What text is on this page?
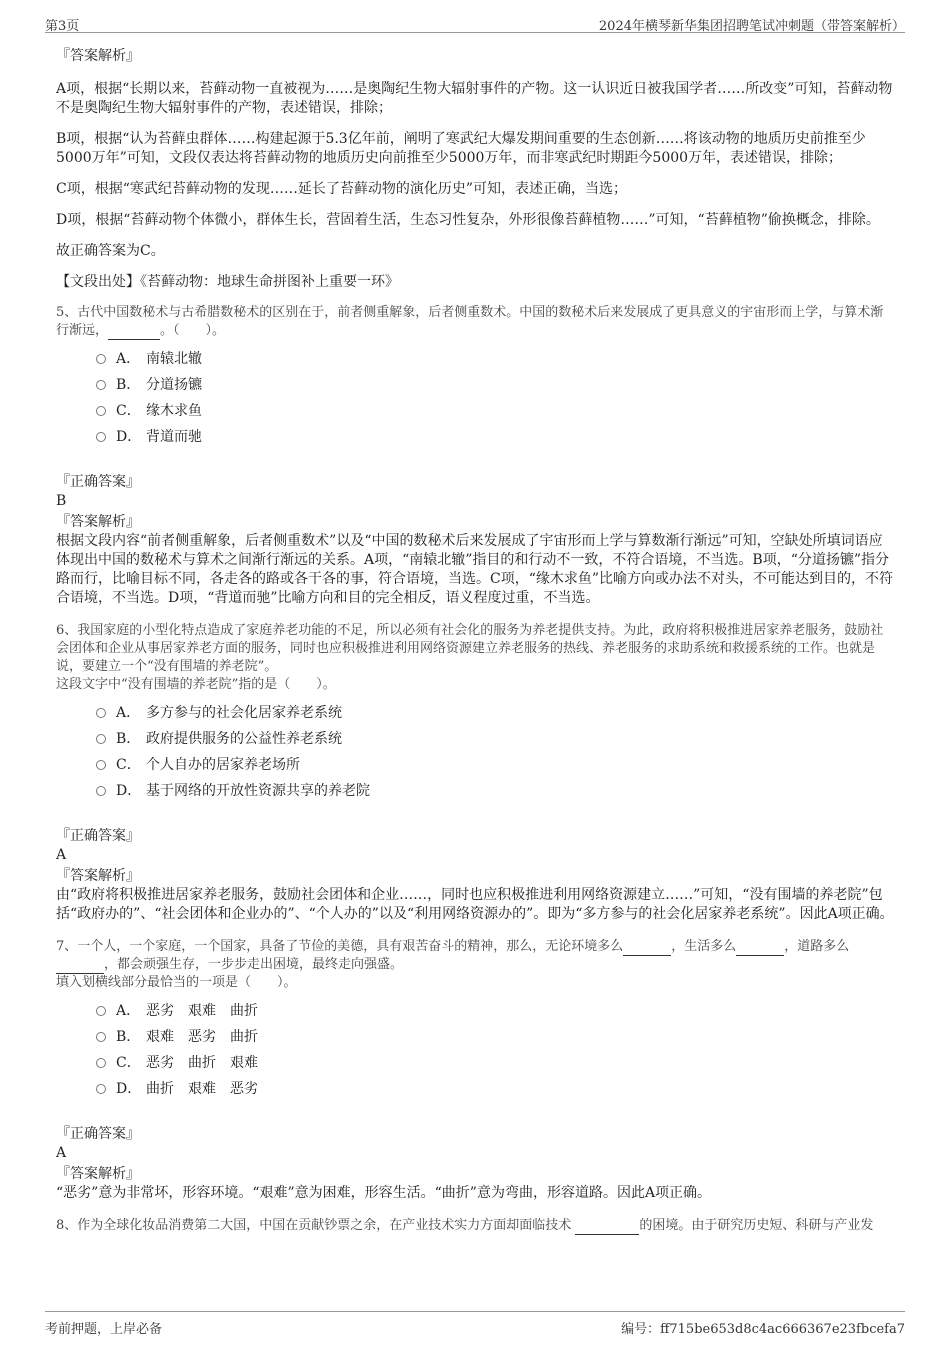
第3页	2024年横琴新华集团招聘笔试冲刺题（带答案解析）
『答案解析』

A项，根据“长期以来，苔藓动物一直被视为……是奥陶纪生物大辐射事件的产物。这一认识近日被我国学者……所改变”可知，苔藓动物不是奥陶纪生物大辐射事件的产物，表述错误，排除；

B项，根据“认为苔藓虫群体……构建起源于5.3亿年前，阐明了寒武纪大爆发期间重要的生态创新……将该动物的地质历史前推至少5000万年”可知，文段仅表达将苔藓动物的地质历史向前推至少5000万年，而非寒武纪时期距今5000万年，表述错误，排除；

C项，根据“寒武纪苔藓动物的发现……延长了苔藓动物的演化历史”可知，表述正确，当选；

D项，根据“苔藓动物个体微小，群体生长，营固着生活，生态习性复杂，外形很像苔藓植物……”可知，“苔藓植物”偷换概念，排除。

故正确答案为C。

【文段出处】《苔藓动物：地球生命拼图补上重要一环》

5、古代中国数秘术与古希腊数秘术的区别在于，前者侧重解象，后者侧重数术。中国的数秘术后来发展成了更具意义的宇宙形而上学，与算术渐行渐远，	。（　　）。

A． 南辕北辙
B． 分道扬镳
C． 缘木求鱼
D． 背道而驰
『正确答案』
B
『答案解析』

根据文段内容“前者侧重解象，后者侧重数术”以及“中国的数秘术后来发展成了宇宙形而上学与算数渐行渐远”可知，空缺处所填词语应体现出中国的数秘术与算术之间渐行渐远的关系。A项，“南辕北辙”指目的和行动不一致，不符合语境，不当选。B项，“分道扬镳”指分路而行，比喻目标不同，各走各的路或各干各的事，符合语境，当选。C项，“缘木求鱼”比喻方向或办法不对头，不可能达到目的，不符合语境，不当选。D项，“背道而驰”比喻方向和目的完全相反，语义程度过重，不当选。

6、我国家庭的小型化特点造成了家庭养老功能的不足，所以必须有社会化的服务为养老提供支持。为此，政府将积极推进居家养老服务，鼓励社会团体和企业从事居家养老方面的服务，同时也应积极推进利用网络资源建立养老服务的热线、养老服务的求助系统和救援系统的工作。也就是说，要建立一个“没有围墙的养老院”。

这段文字中“没有围墙的养老院”指的是（　　）。

A． 多方参与的社会化居家养老系统
B． 政府提供服务的公益性养老系统
C． 个人自办的居家养老场所
D． 基于网络的开放性资源共享的养老院
『正确答案』
A
『答案解析』

由“政府将积极推进居家养老服务，鼓励社会团体和企业……，同时也应积极推进利用网络资源建立……”可知，“没有围墙的养老院”包括“政府办的”、“社会团体和企业办的”、“个人办的”以及“利用网络资源办的”。即为“多方参与的社会化居家养老系统”。因此A项正确。

7、一个人，一个家庭，一个国家，具备了节俭的美德，具有艰苦奋斗的精神，那么，无论环境多么	，生活多么	，道路多么，都会顽强生存，一步步走出困境，最终走向强盛。

填入划横线部分最恰当的一项是（　　）。

A． 恶劣　艰难　曲折
B． 艰难　恶劣　曲折
C． 恶劣　曲折　艰难
D． 曲折　艰难　恶劣
『正确答案』
A
『答案解析』

“恶劣”意为非常坏，形容环境。“艰难”意为困难，形容生活。“曲折”意为弯曲，形容道路。因此A项正确。

8、作为全球化妆品消费第二大国，中国在贡献钞票之余，在产业技术实力方面却面临技术	的困境。由于研究历史短、科研与产业发

考前押题，上岸必备	编号：ff715be653d8c4ac666367e23fbcefa7
